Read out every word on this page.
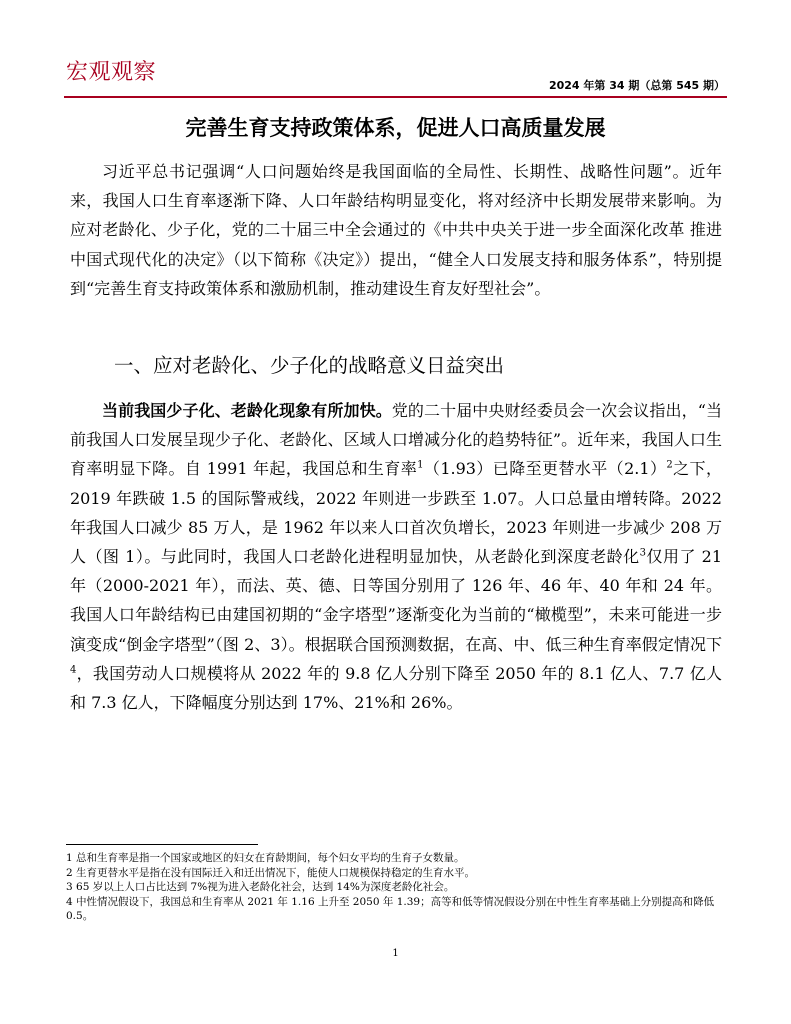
宏观观察
2024 年第 34 期（总第 545 期）
完善生育支持政策体系，促进人口高质量发展

习近平总书记强调“人口问题始终是我国面临的全局性、长期性、战略性问题”。近年来，我国人口生育率逐渐下降、人口年龄结构明显变化，将对经济中长期发展带来影响。为应对老龄化、少子化，党的二十届三中全会通过的《中共中央关于进一步全面深化改革 推进中国式现代化的决定》（以下简称《决定》）提出，“健全人口发展支持和服务体系”，特别提到“完善生育支持政策体系和激励机制，推动建设生育友好型社会”。

一、应对老龄化、少子化的战略意义日益突出

当前我国少子化、老龄化现象有所加快。党的二十届中央财经委员会一次会议指出，“当前我国人口发展呈现少子化、老龄化、区域人口增减分化的趋势特征”。近年来，我国人口生育率明显下降。自 1991 年起，我国总和生育率$^1$（1.93）已降至更替水平$(2.1)^2$之下，2019 年跌破 1.5 的国际警戒线，2022 年则进一步跌至 1.07。人口总量由增转降。2022 年我国人口减少 85 万人，是 1962 年以来人口首次负增长，2023 年则进一步减少 208 万人（图 1）。与此同时，我国人口老龄化进程明显加快，从老龄化到深度老龄化$^3$仅用了 21 年（2000-2021 年），而法、英、德、日等国分别用了 126 年、46 年、40 年和 24 年。我国人口年龄结构已由建国初期的“金字塔型”逐渐变化为当前的“橄榄型”，未来可能进一步演变成“倒金字塔型”（图 2、3）。根据联合国预测数据，在高、中、低三种生育率假定情况下$^4$，我国劳动人口规模将从 2022 年的 9.8 亿人分别下降至 2050 年的 8.1 亿人、7.7 亿人和 7.3 亿人，下降幅度分别达到 17%、21%和 26%。

1 总和生育率是指一个国家或地区的妇女在育龄期间，每个妇女平均的生育子女数量。

2 生育更替水平是指在没有国际迁入和迁出情况下，能使人口规模保持稳定的生育水平。

3 65 岁以上人口占比达到 7%视为进入老龄化社会，达到 14%为深度老龄化社会。

4 中性情况假设下，我国总和生育率从 2021 年 1.16 上升至 2050 年 1.39；高等和低等情况假设分别在中性生育率基础上分别提高和降低 0.5。

1
